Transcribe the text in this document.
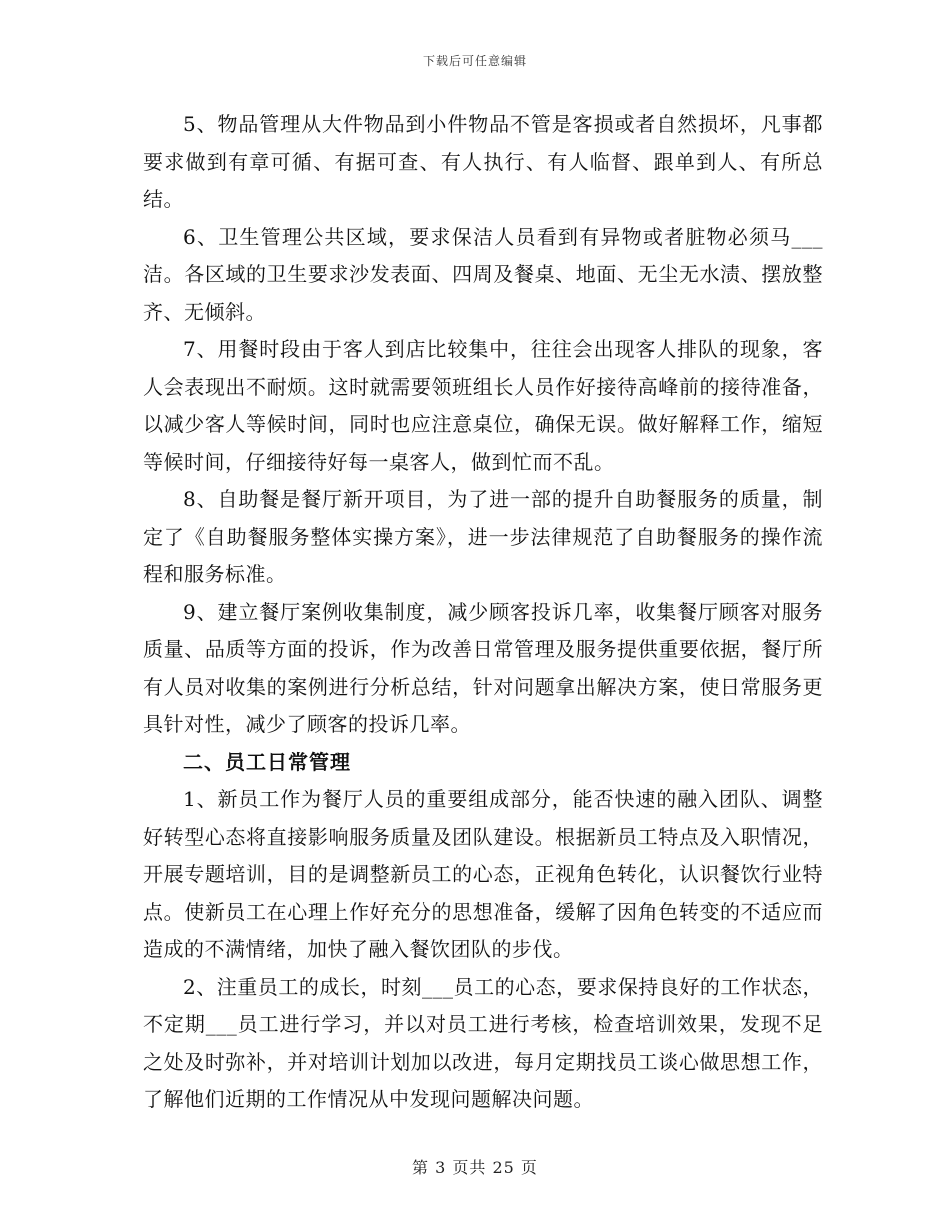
下载后可任意编辑

5、物品管理从大件物品到小件物品不管是客损或者自然损坏，凡事都要求做到有章可循、有据可查、有人执行、有人临督、跟单到人、有所总结。

6、卫生管理公共区域，要求保洁人员看到有异物或者脏物必须马___洁。各区域的卫生要求沙发表面、四周及餐桌、地面、无尘无水渍、摆放整齐、无倾斜。

7、用餐时段由于客人到店比较集中，往往会出现客人排队的现象，客人会表现出不耐烦。这时就需要领班组长人员作好接待高峰前的接待准备，以减少客人等候时间，同时也应注意桌位，确保无误。做好解释工作，缩短等候时间，仔细接待好每一桌客人，做到忙而不乱。

8、自助餐是餐厅新开项目，为了进一部的提升自助餐服务的质量，制定了《自助餐服务整体实操方案》，进一步法律规范了自助餐服务的操作流程和服务标准。

9、建立餐厅案例收集制度，减少顾客投诉几率，收集餐厅顾客对服务质量、品质等方面的投诉，作为改善日常管理及服务提供重要依据，餐厅所有人员对收集的案例进行分析总结，针对问题拿出解决方案，使日常服务更具针对性，减少了顾客的投诉几率。

二、员工日常管理

1、新员工作为餐厅人员的重要组成部分，能否快速的融入团队、调整好转型心态将直接影响服务质量及团队建设。根据新员工特点及入职情况，开展专题培训，目的是调整新员工的心态，正视角色转化，认识餐饮行业特点。使新员工在心理上作好充分的思想准备，缓解了因角色转变的不适应而造成的不满情绪，加快了融入餐饮团队的步伐。

2、注重员工的成长，时刻___员工的心态，要求保持良好的工作状态，不定期___员工进行学习，并以对员工进行考核，检查培训效果，发现不足之处及时弥补，并对培训计划加以改进，每月定期找员工谈心做思想工作，了解他们近期的工作情况从中发现问题解决问题。

第 3 页共 25 页
